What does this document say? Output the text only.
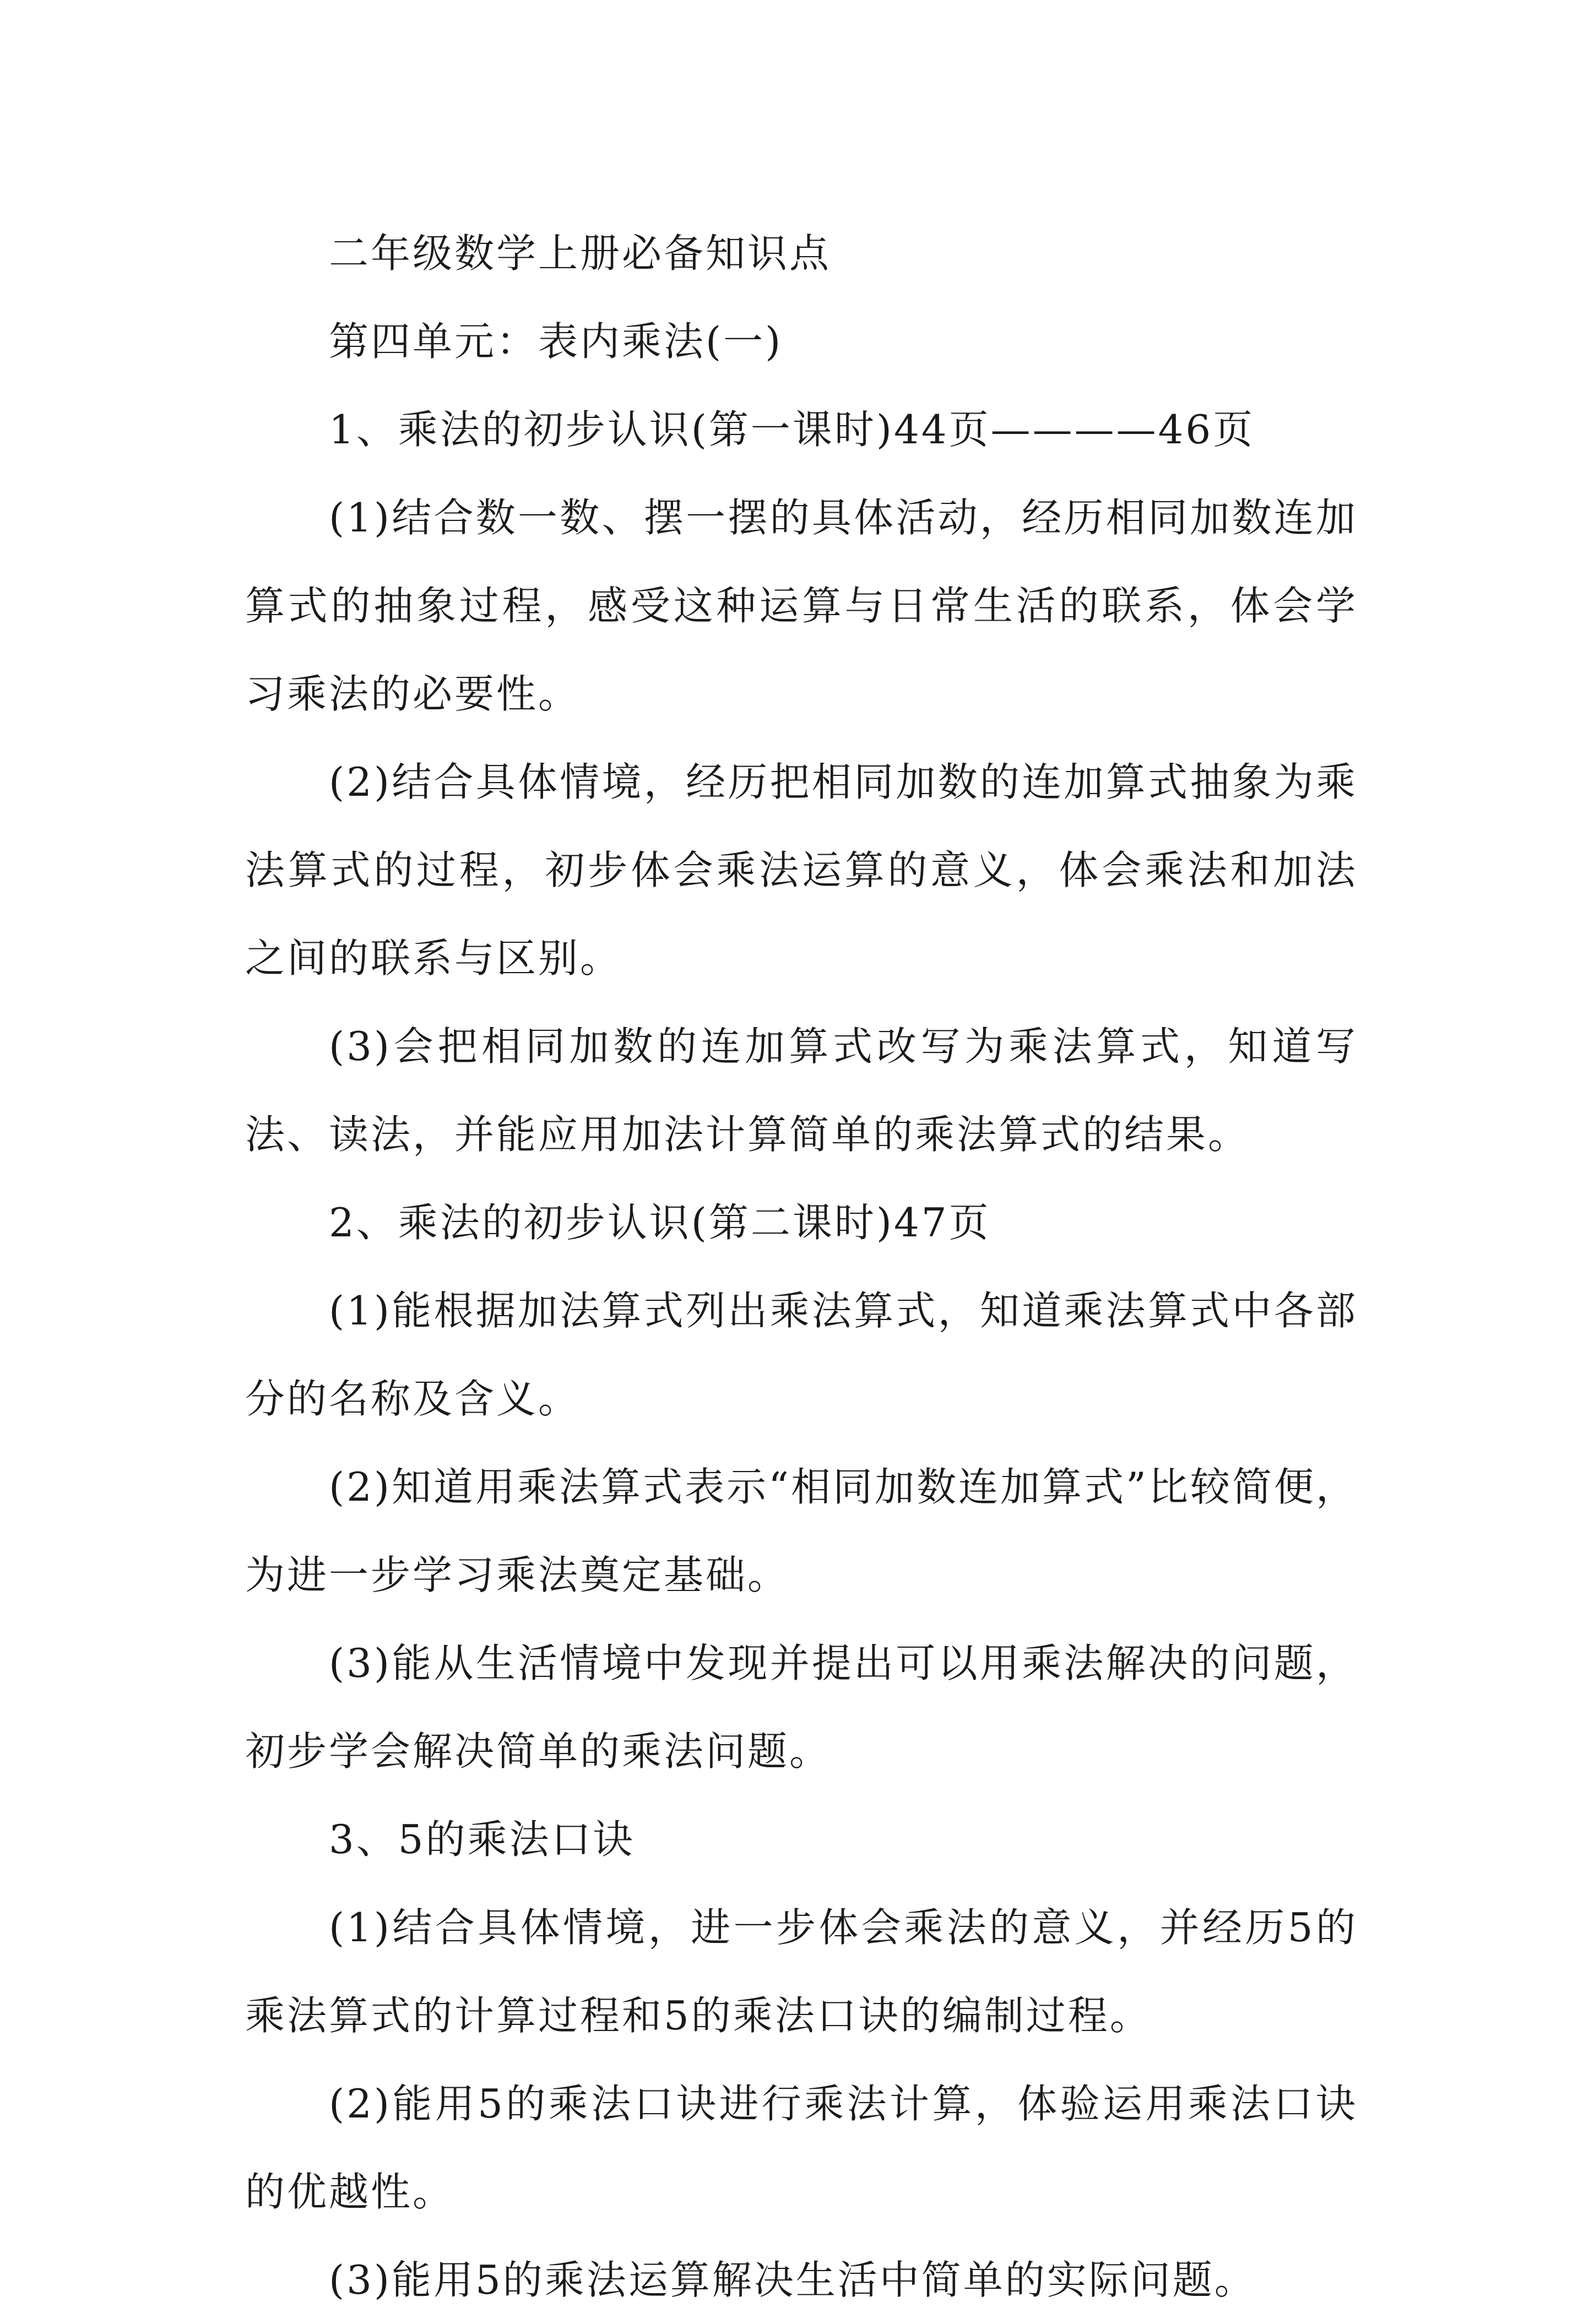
二年级数学上册必备知识点

第四单元：表内乘法(一)

1、乘法的初步认识(第一课时)44页————46页

(1)结合数一数、摆一摆的具体活动，经历相同加数连加算式的抽象过程，感受这种运算与日常生活的联系，体会学习乘法的必要性。

(2)结合具体情境，经历把相同加数的连加算式抽象为乘法算式的过程，初步体会乘法运算的意义，体会乘法和加法之间的联系与区别。

(3)会把相同加数的连加算式改写为乘法算式，知道写法、读法，并能应用加法计算简单的乘法算式的结果。

2、乘法的初步认识(第二课时)47页

(1)能根据加法算式列出乘法算式，知道乘法算式中各部分的名称及含义。

(2)知道用乘法算式表示“相同加数连加算式”比较简便，为进一步学习乘法奠定基础。

(3)能从生活情境中发现并提出可以用乘法解决的问题，初步学会解决简单的乘法问题。

3、5的乘法口诀

(1)结合具体情境，进一步体会乘法的意义，并经历5的乘法算式的计算过程和5的乘法口诀的编制过程。

(2)能用5的乘法口诀进行乘法计算，体验运用乘法口诀的优越性。

(3)能用5的乘法运算解决生活中简单的实际问题。
